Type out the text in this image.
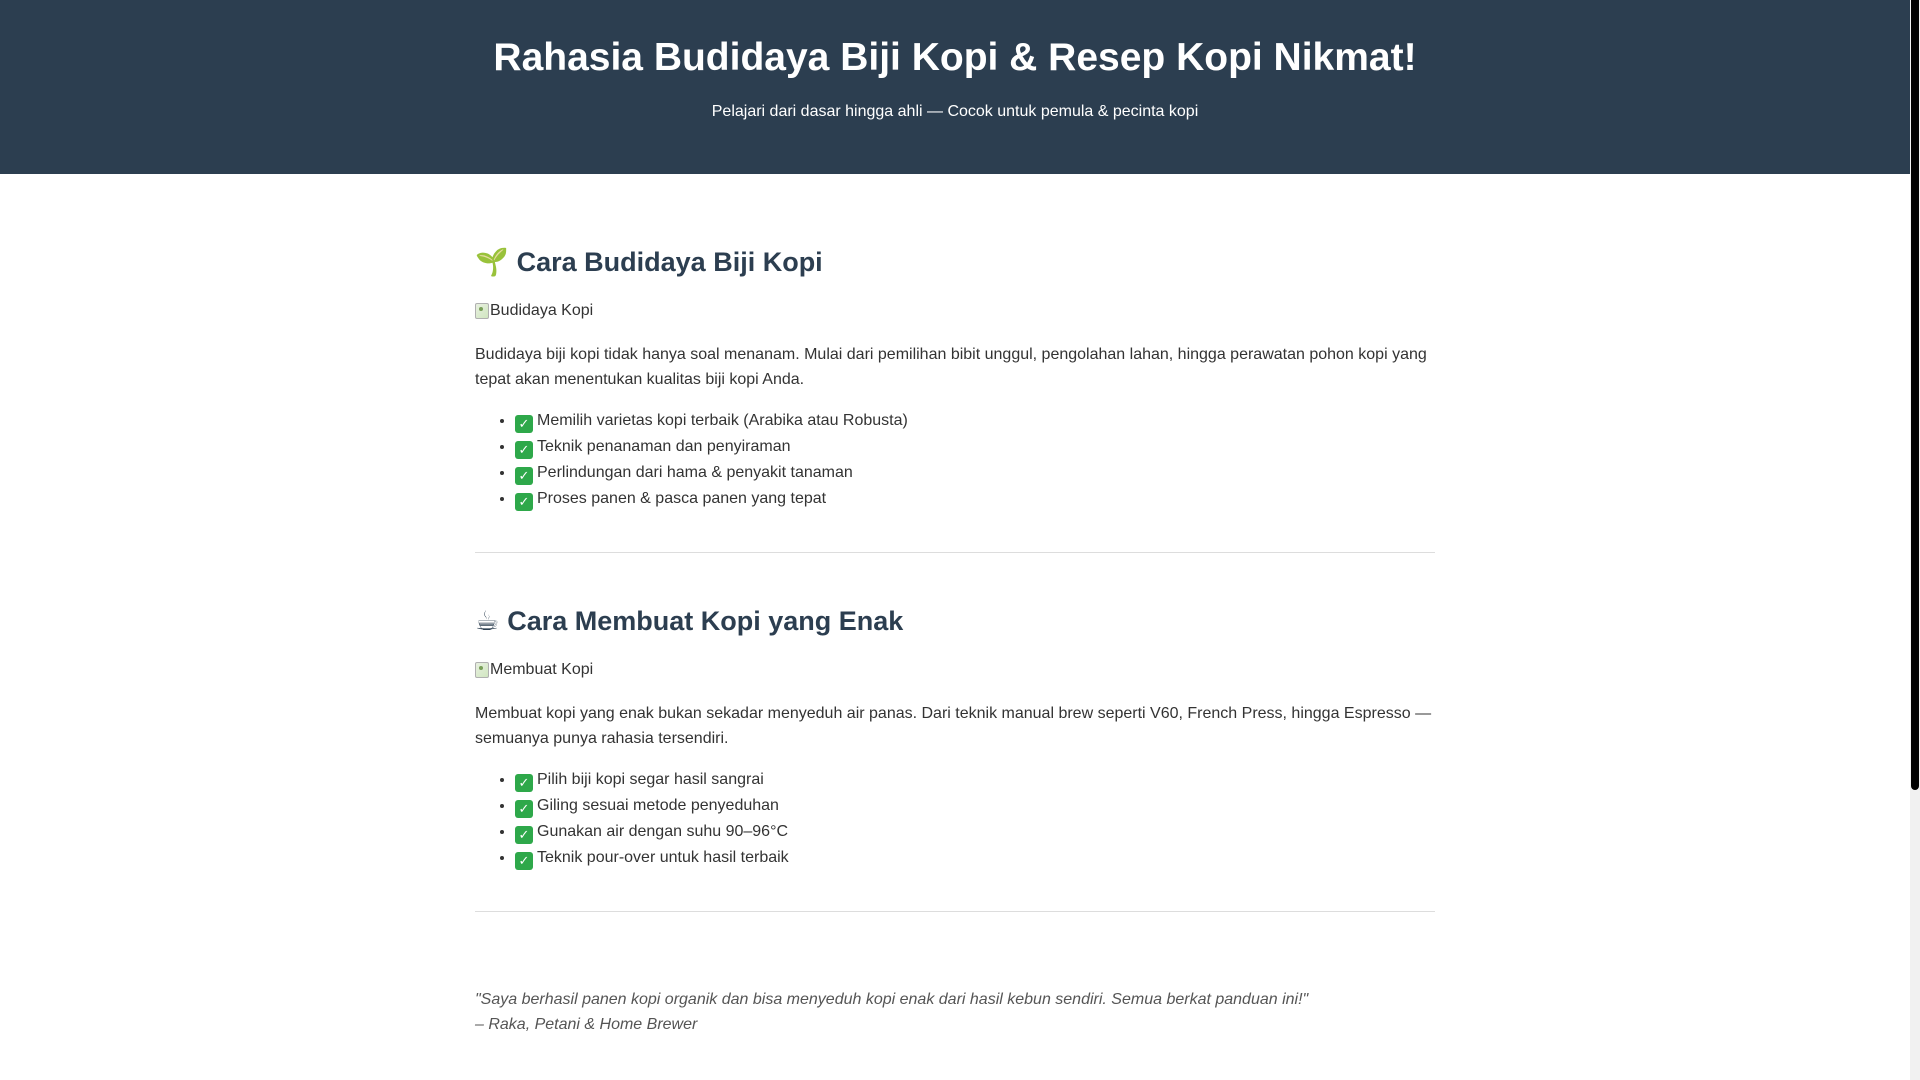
Rahasia Budidaya Biji Kopi & Resep Kopi Nikmat!

Pelajari dari dasar hingga ahli — Cocok untuk pemula & pecinta kopi

🌱 Cara Budidaya Biji Kopi
Budidaya Kopi

Budidaya biji kopi tidak hanya soal menanam. Mulai dari pemilihan bibit unggul, pengolahan lahan, hingga perawatan pohon kopi yang tepat akan menentukan kualitas biji kopi Anda.

• ✓ Memilih varietas kopi terbaik (Arabika atau Robusta)
• ✓ Teknik penanaman dan penyiraman
• ✓ Perlindungan dari hama & penyakit tanaman
• ✓ Proses panen & pasca panen yang tepat
☕ Cara Membuat Kopi yang Enak
Membuat Kopi

Membuat kopi yang enak bukan sekadar menyeduh air panas. Dari teknik manual brew seperti V60, French Press, hingga Espresso — semuanya punya rahasia tersendiri.

• ✓ Pilih biji kopi segar hasil sangrai
• ✓ Giling sesuai metode penyeduhan
• ✓ Gunakan air dengan suhu 90–96°C
• ✓ Teknik pour-over untuk hasil terbaik
"Saya berhasil panen kopi organik dan bisa menyeduh kopi enak dari hasil kebun sendiri. Semua berkat panduan ini!"
– Raka, Petani & Home Brewer
